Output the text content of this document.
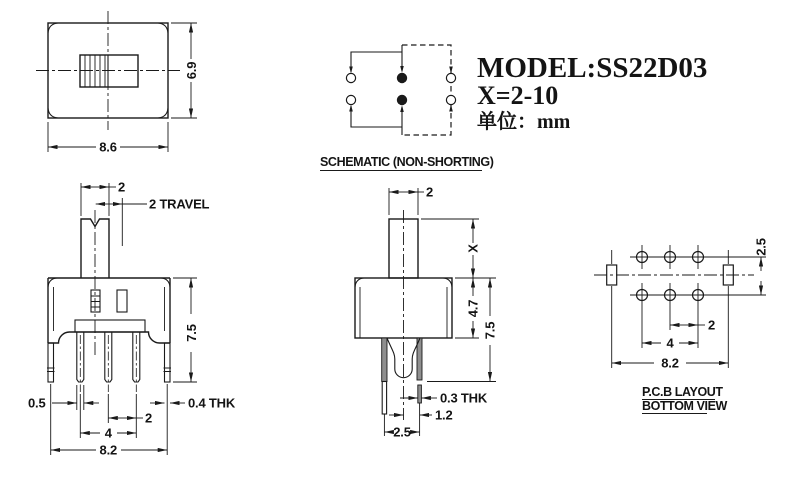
8.6
6.9
SCHEMATIC (NON-SHORTING)
MODEL:SS22D03
X=2-10
单位：mm
2
2 TRAVEL
7.5
0.5	0.4 THK
2
4
8.2
2
X
4.7
7.5
0.3 THK
1.2
2.5
2.5
2
4
8.2
P.C.B LAYOUT
BOTTOM VIEW
